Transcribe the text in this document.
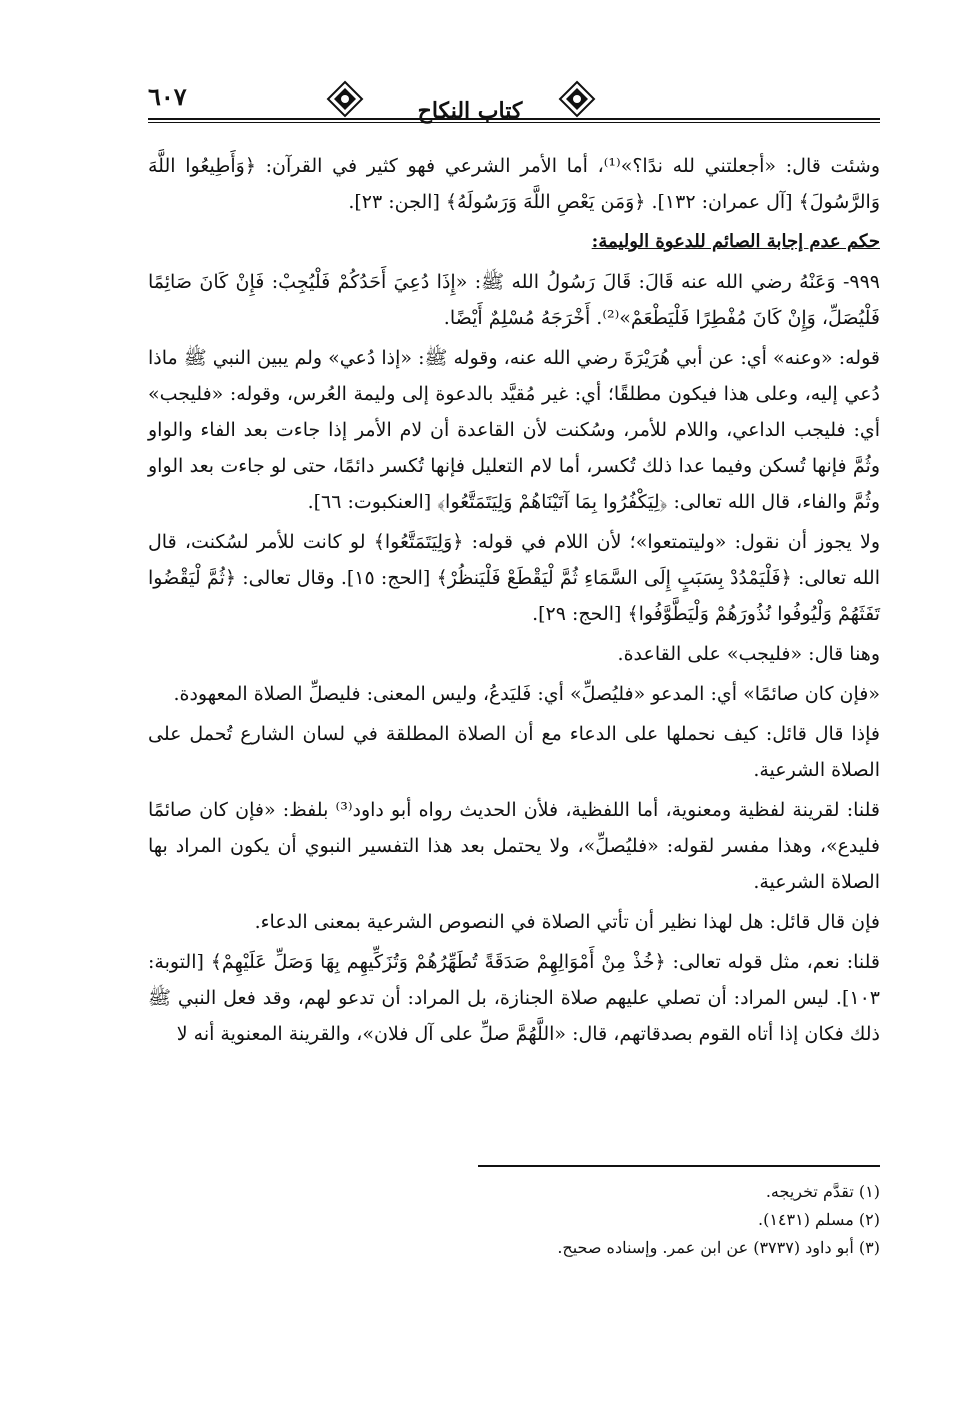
٦٠٧	كتاب النكاح

وشئت قال: «أجعلتني لله ندًا؟»⁽¹⁾، أما الأمر الشرعي فهو كثير في القرآن: ﴿وَأَطِيعُوا اللَّهَ وَالرَّسُولَ﴾ [آل عمران: ١٣٢]. ﴿وَمَن يَعْصِ اللَّهَ وَرَسُولَهُ﴾ [الجن: ٢٣].

حكم عدم إجابة الصائم للدعوة الوليمة:

٩٩٩- وَعَنْهُ رضي الله عنه قَالَ: قَالَ رَسُولُ الله ﷺ: «إِذَا دُعِيَ أَحَدُكُمْ فَلْيُجِبْ: فَإِنْ كَانَ صَائِمًا فَلْيُصَلِّ، وَإِنْ كَانَ مُفْطِرًا فَلْيَطْعَمْ»⁽²⁾. أَخْرَجَهُ مُسْلِمٌ أَيْضًا.

قوله: «وعنه» أي: عن أبي هُرَيْرَةَ رضي الله عنه، وقوله ﷺ: «إذا دُعي» ولم يبين النبي ﷺ ماذا دُعي إليه، وعلى هذا فيكون مطلقًا؛ أي: غير مُقيَّد بالدعوة إلى وليمة العُرس، وقوله: «فليجب» أي: فليجب الداعي، واللام للأمر، وسُكنت لأن القاعدة أن لام الأمر إذا جاءت بعد الفاء والواو وثُمَّ فإنها تُسكن وفيما عدا ذلك تُكسر، أما لام التعليل فإنها تُكسر دائمًا، حتى لو جاءت بعد الواو وثُمَّ والفاء، قال الله تعالى: ﴿لِيَكْفُرُوا بِمَا آتَيْنَاهُمْ وَلِيَتَمَتَّعُوا﴾ [العنكبوت: ٦٦].

ولا يجوز أن نقول: «وليتمتعوا»؛ لأن اللام في قوله: ﴿وَلِيَتَمَتَّعُوا﴾ لو كانت للأمر لسُكنت، قال الله تعالى: ﴿فَلْيَمْدُدْ بِسَبَبٍ إِلَى السَّمَاءِ ثُمَّ لْيَقْطَعْ فَلْيَنظُرْ﴾ [الحج: ١٥]. وقال تعالى: ﴿ثُمَّ لْيَقْضُوا تَفَثَهُمْ وَلْيُوفُوا نُذُورَهُمْ وَلْيَطَّوَّفُوا﴾ [الحج: ٢٩].

وهنا قال: «فليجب» على القاعدة.

«فإن كان صائمًا» أي: المدعو «فليُصلِّ» أي: فَليَدعُ، وليس المعنى: فليصلِّ الصلاة المعهودة.

فإذا قال قائل: كيف نحملها على الدعاء مع أن الصلاة المطلقة في لسان الشارع تُحمل على الصلاة الشرعية.

قلنا: لقرينة لفظية ومعنوية، أما اللفظية، فلأن الحديث رواه أبو داود⁽³⁾ بلفظ: «فإن كان صائمًا فليدع»، وهذا مفسر لقوله: «فليُصلِّ»، ولا يحتمل بعد هذا التفسير النبوي أن يكون المراد بها الصلاة الشرعية.

فإن قال قائل: هل لهذا نظير أن تأتي الصلاة في النصوص الشرعية بمعنى الدعاء.

قلنا: نعم، مثل قوله تعالى: ﴿خُذْ مِنْ أَمْوَالِهِمْ صَدَقَةً تُطَهِّرُهُمْ وَتُزَكِّيهِم بِهَا وَصَلِّ عَلَيْهِمْ﴾ [التوبة: ١٠٣]. ليس المراد: أن تصلي عليهم صلاة الجنازة، بل المراد: أن تدعو لهم، وقد فعل النبي ﷺ ذلك فكان إذا أتاه القوم بصدقاتهم، قال: «اللَّهُمَّ صلِّ على آل فلان»، والقرينة المعنوية أنه لا

(١) تقدَّم تخريجه.
(٢) مسلم (١٤٣١).
(٣) أبو داود (٣٧٣٧) عن ابن عمر. وإسناده صحيح.
